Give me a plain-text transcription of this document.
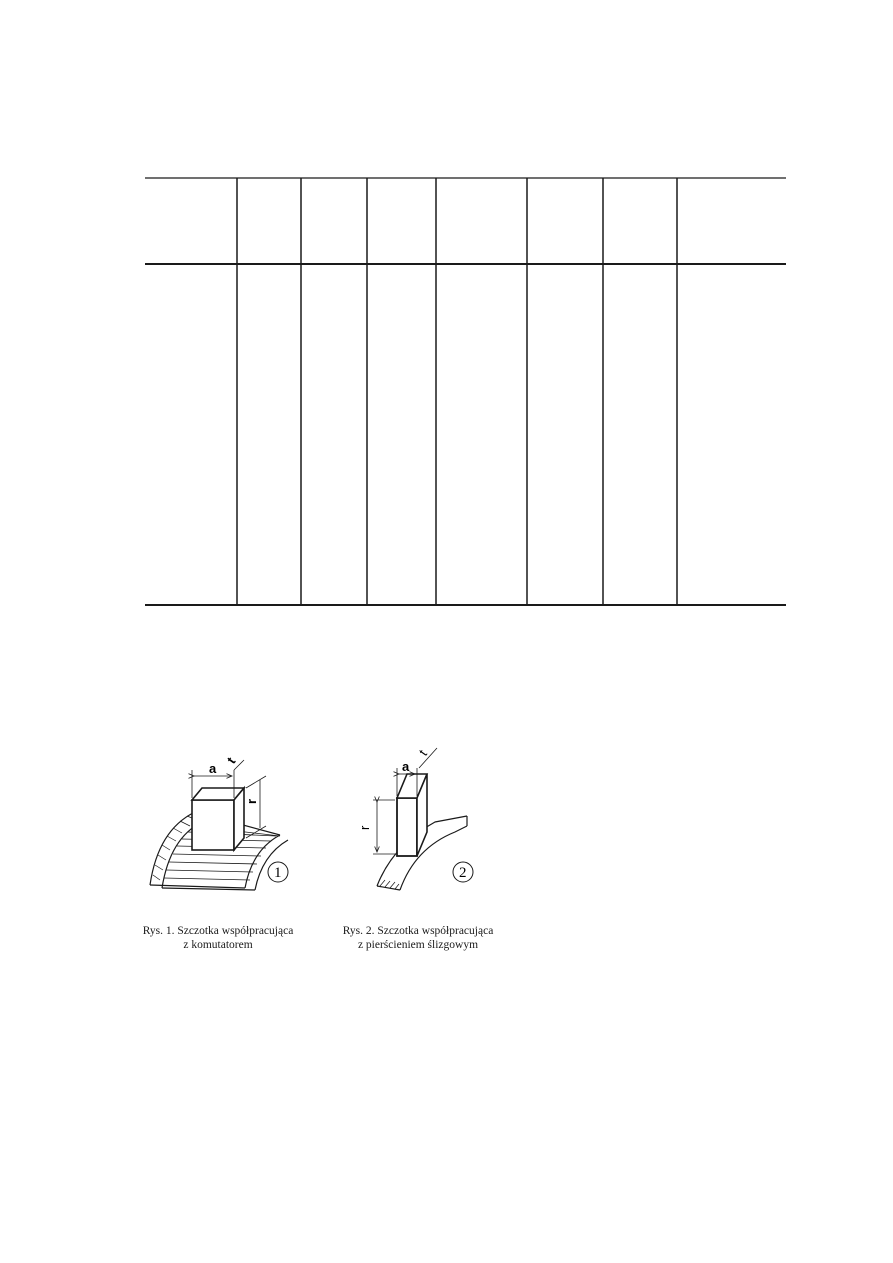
a
t
r
1
a
t
r
2
Rys. 1. Szczotka współpracująca
z komutatorem
Rys. 2. Szczotka współpracująca
z pierścieniem ślizgowym
